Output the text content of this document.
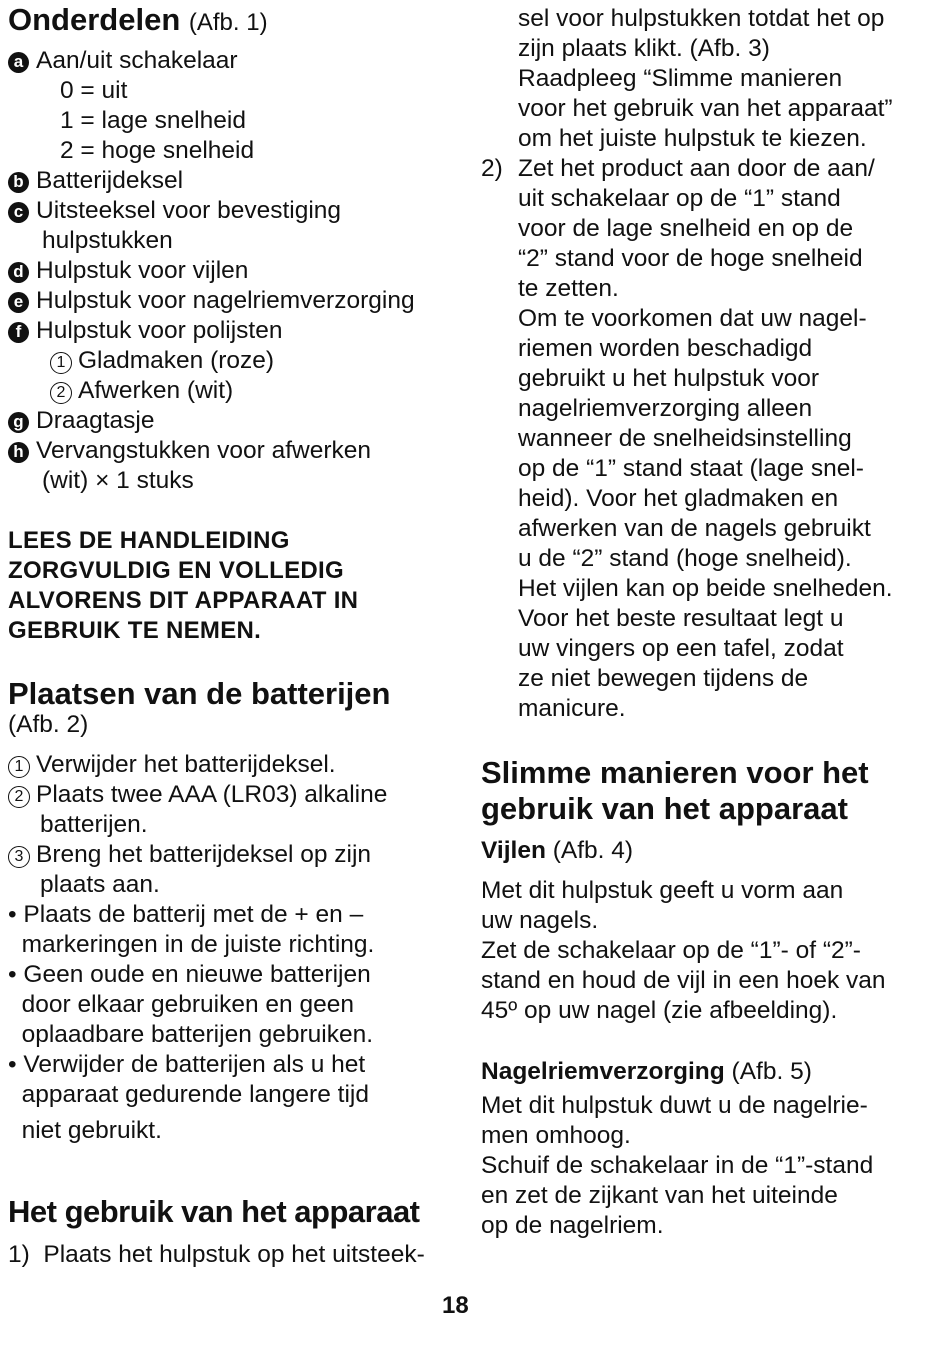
Onderdelen (Afb. 1)
a Aan/uit schakelaar
0 = uit
1 = lage snelheid
2 = hoge snelheid
b Batterijdeksel
c Uitsteeksel voor bevestiging
hulpstukken
d Hulpstuk voor vijlen
e Hulpstuk voor nagelriemverzorging
f Hulpstuk voor polijsten
1 Gladmaken (roze)
2 Afwerken (wit)
g Draagtasje
h Vervangstukken voor afwerken
(wit) × 1 stuks
LEES DE HANDLEIDING
ZORGVULDIG EN VOLLEDIG
ALVORENS DIT APPARAAT IN
GEBRUIK TE NEMEN.
Plaatsen van de batterijen
(Afb. 2)
1 Verwijder het batterijdeksel.
2 Plaats twee AAA (LR03) alkaline
batterijen.
3 Breng het batterijdeksel op zijn
plaats aan.
• Plaats de batterij met de + en –
markeringen in de juiste richting.
• Geen oude en nieuwe batterijen
door elkaar gebruiken en geen
oplaadbare batterijen gebruiken.
• Verwijder de batterijen als u het
apparaat gedurende langere tijd
niet gebruikt.
Het gebruik van het apparaat
1)  Plaats het hulpstuk op het uitsteek-
sel voor hulpstukken totdat het op
zijn plaats klikt. (Afb. 3)
Raadpleeg “Slimme manieren
voor het gebruik van het apparaat”
om het juiste hulpstuk te kiezen.
2) Zet het product aan door de aan/
uit schakelaar op de “1” stand
voor de lage snelheid en op de
“2” stand voor de hoge snelheid
te zetten.
Om te voorkomen dat uw nagel-
riemen worden beschadigd
gebruikt u het hulpstuk voor
nagelriemverzorging alleen
wanneer de snelheidsinstelling
op de “1” stand staat (lage snel-
heid). Voor het gladmaken en
afwerken van de nagels gebruikt
u de “2” stand (hoge snelheid).
Het vijlen kan op beide snelheden.
Voor het beste resultaat legt u
uw vingers op een tafel, zodat
ze niet bewegen tijdens de
manicure.
Slimme manieren voor het
gebruik van het apparaat
Vijlen (Afb. 4)
Met dit hulpstuk geeft u vorm aan
uw nagels.
Zet de schakelaar op de “1”- of “2”-
stand en houd de vijl in een hoek van
45º op uw nagel (zie afbeelding).
Nagelriemverzorging (Afb. 5)
Met dit hulpstuk duwt u de nagelrie-
men omhoog.
Schuif de schakelaar in de “1”-stand
en zet de zijkant van het uiteinde
op de nagelriem.
18
